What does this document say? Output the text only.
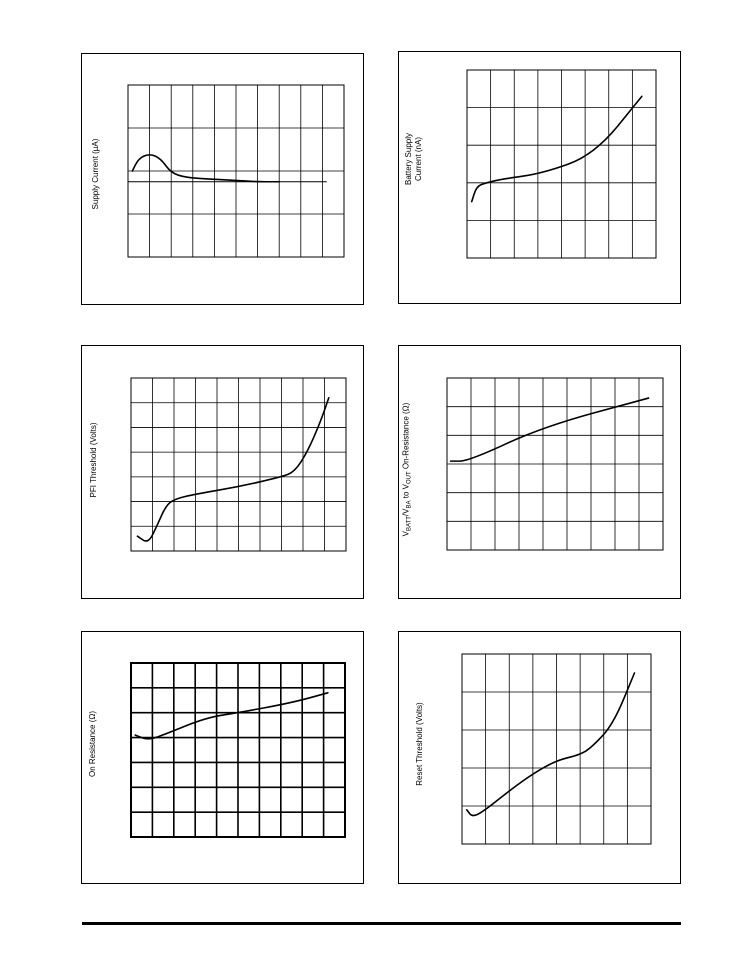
Supply Current (µA)	Battery Supply
Current (nA)
PFI Threshold (Volts)
$V_{BATT}/V_{BA}$ to $V_{OUT}$ On-Resistance (Ω)
On Resistance (Ω)	Reset Threshold (Volts)
